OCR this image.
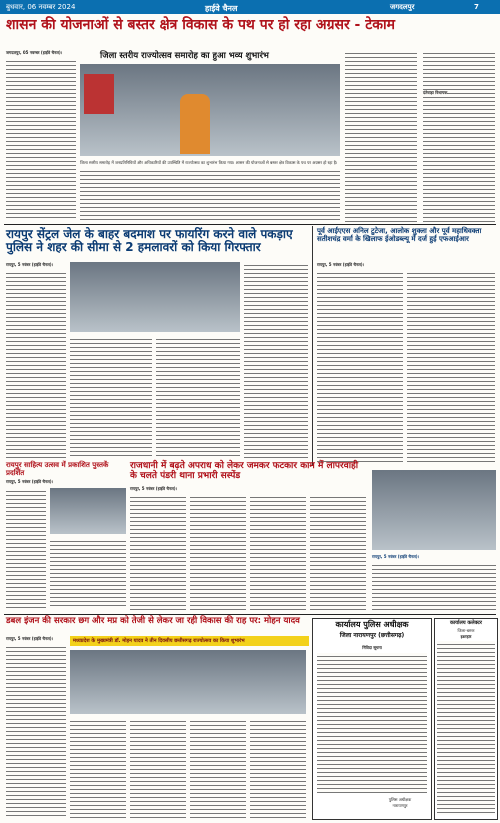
बुधवार, 06 नवम्बर 2024	हाईवे चैनल	जगदलपुर	7
शासन की योजनाओं से बस्तर क्षेत्र विकास के पथ पर हो रहा अग्रसर - टेकाम
जगदलपुर, 05 नवम्बर (हाईवे चैनल)।	जिला स्तरीय राज्योत्सव समारोह का हुआ भव्य शुभारंभ
जिला स्तरीय समारोह में जनप्रतिनिधियों और अधिकारियों की उपस्थिति में राज्योत्सव का शुभारंभ किया गया। शासन की योजनाओं से बस्तर क्षेत्र विकास के पथ पर अग्रसर हो रहा है।
दंतेवाड़ा विधायक
रायपुर सेंट्रल जेल के बाहर बदमाश पर फायरिंग करने वाले पकड़ाए पुलिस ने शहर की सीमा से 2 हमलावरों को किया गिरफ्तार
रायपुर, 5 नवंबर (हाईवे चैनल)।
पूर्व आईएएस अनिल टुटेजा, आलोक शुक्ला और पूर्व महाधिवक्ता सतीशचंद्र वर्मा के खिलाफ ईओडब्ल्यू में दर्ज हुई एफआईआर
रायपुर, 5 नवंबर (हाईवे चैनल)।
रायपुर साहित्य उत्सव में प्रकाशित पुस्तकें प्रदर्शित
रायपुर, 5 नवंबर (हाईवे चैनल)।
राजधानी में बढ़ते अपराध को लेकर जमकर फटकार काम में लापरवाही के चलते पंडरी थाना प्रभारी सस्पेंड
रायपुर, 5 नवंबर (हाईवे चैनल)।
रायपुर, 5 नवंबर (हाईवे चैनल)।
डबल इंजन की सरकार छग और मप्र को तेजी से लेकर जा रही विकास की राह पर: मोहन यादव
मध्यप्रदेश के मुख्यमंत्री डॉ. मोहन यादव ने तीन दिवसीय छत्तीसगढ़ राज्योत्सव का किया शुभारंभ
रायपुर, 5 नवंबर (हाईवे चैनल)।
कार्यालय पुलिस अधीक्षक
जिला नारायणपुर (छत्तीसगढ़)
निविदा सूचना
पुलिस अधीक्षक
नारायणपुर
कार्यालय कलेक्टर
जिला-बस्तर
इश्तहार
